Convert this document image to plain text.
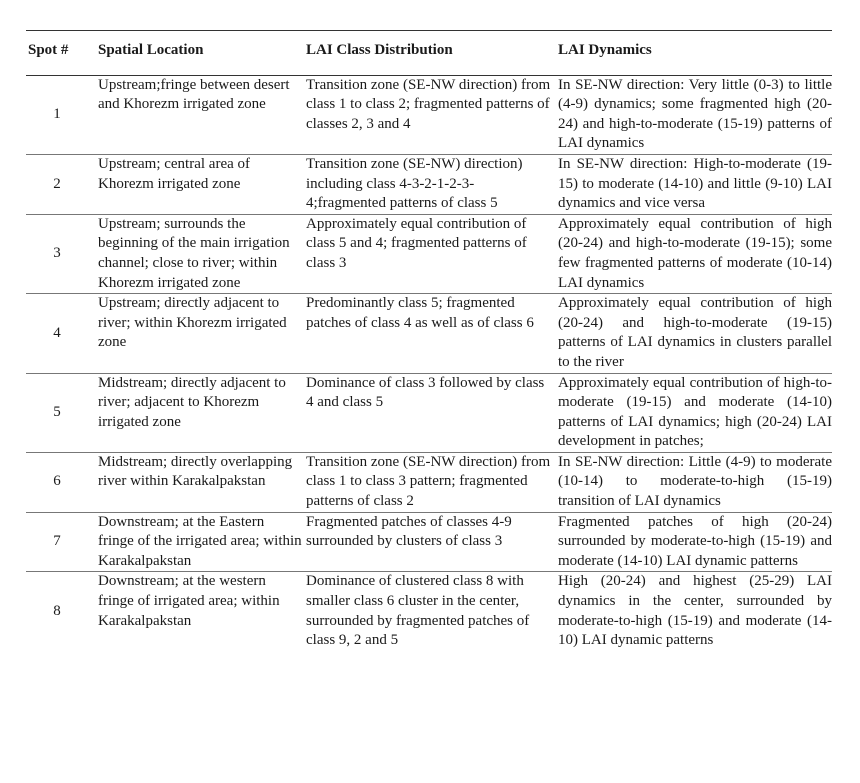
Spot #	Spatial Location	LAI Class Distribution	LAI Dynamics
1	Upstream;fringe between desert and Khorezm irrigated zone	Transition zone (SE-NW direction) from class 1 to class 2; fragmented patterns of classes 2, 3 and 4	In SE-NW direction: Very little (0-3) to little (4-9) dynamics; some fragmented high (20-24) and high-to-moderate (15-19) patterns of LAI dynamics
2	Upstream; central area of Khorezm irrigated zone	Transition zone (SE-NW) direction) including class 4-3-2-1-2-3-4;fragmented patterns of class 5	In SE-NW direction: High-to-moderate (19-15) to moderate (14-10) and little (9-10) LAI dynamics and vice versa
3	Upstream; surrounds the beginning of the main irrigation channel; close to river; within Khorezm irrigated zone	Approximately equal contribution of class 5 and 4; fragmented patterns of class 3	Approximately equal contribution of high (20-24) and high-to-moderate (19-15); some few fragmented patterns of moderate (10-14) LAI dynamics
4	Upstream; directly adjacent to river; within Khorezm irrigated zone	Predominantly class 5; fragmented patches of class 4 as well as of class 6	Approximately equal contribution of high (20-24) and high-to-moderate (19-15) patterns of LAI dynamics in clusters parallel to the river
5	Midstream; directly adjacent to river; adjacent to Khorezm irrigated zone	Dominance of class 3 followed by class 4 and class 5	Approximately equal contribution of high-to-moderate (19-15) and moderate (14-10) patterns of LAI dynamics; high (20-24) LAI development in patches;
6	Midstream; directly overlapping river within Karakalpakstan	Transition zone (SE-NW direction) from class 1 to class 3 pattern; fragmented patterns of class 2	In SE-NW direction: Little (4-9) to moderate (10-14) to moderate-to-high (15-19) transition of LAI dynamics
7	Downstream; at the Eastern fringe of the irrigated area; within Karakalpakstan	Fragmented patches of classes 4-9 surrounded by clusters of class 3	Fragmented patches of high (20-24) surrounded by moderate-to-high (15-19) and moderate (14-10) LAI dynamic patterns
8	Downstream; at the western fringe of irrigated area; within Karakalpakstan	Dominance of clustered class 8 with smaller class 6 cluster in the center, surrounded by fragmented patches of class 9, 2 and 5	High (20-24) and highest (25-29) LAI dynamics in the center, surrounded by moderate-to-high (15-19) and moderate (14-10) LAI dynamic patterns
